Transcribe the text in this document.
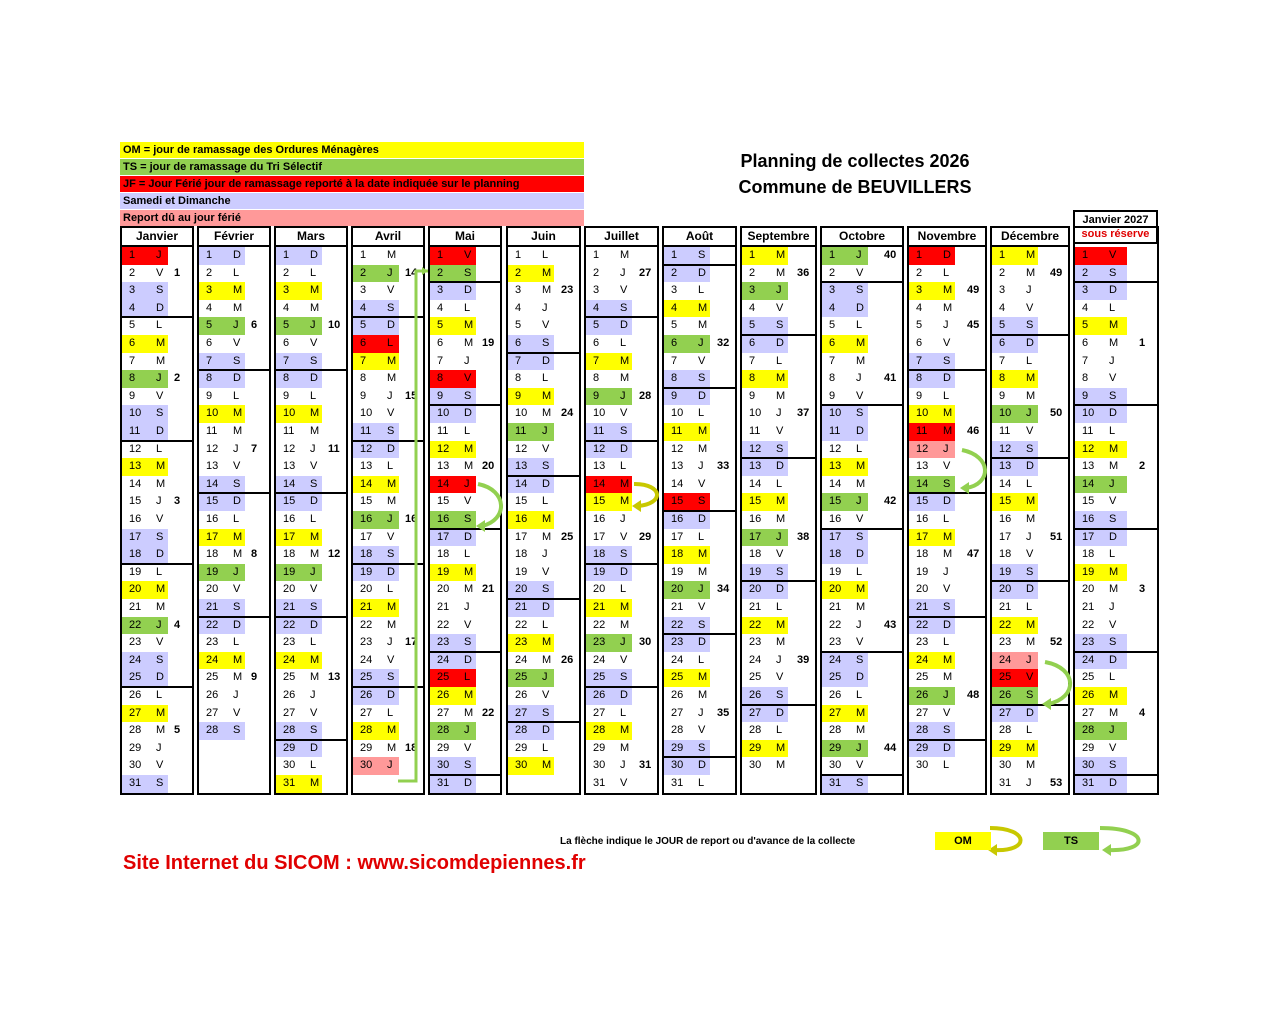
OM = jour de ramassage des Ordures Ménagères
TS = jour de ramassage du Tri Sélectif
JF = Jour Férié jour de ramassage reporté à la date indiquée sur le planning
Samedi et Dimanche
Report dû au jour férié
Planning de collectes 2026
Commune de BEUVILLERS
Janvier 2027
sous réserve
Janvier
1 J
2 V
3 S
4 D
5 L
6 M
7 M
8 J
9 V
10 S
11 D
12 L
13 M
14 M
15 J
16 V
17 S
18 D
19 L
20 M
21 M
22 J
23 V
24 S
25 D
26 L
27 M
28 M
29 J
30 V
31 S
1
2
3
4
5
Février
1 D
2 L
3 M
4 M
5 J
6 V
7 S
8 D
9 L
10 M
11 M
12 J
13 V
14 S
15 D
16 L
17 M
18 M
19 J
20 V
21 S
22 D
23 L
24 M
25 M
26 J
27 V
28 S
6
7
8
9
Mars
1 D
2 L
3 M
4 M
5 J
6 V
7 S
8 D
9 L
10 M
11 M
12 J
13 V
14 S
15 D
16 L
17 M
18 M
19 J
20 V
21 S
22 D
23 L
24 M
25 M
26 J
27 V
28 S
29 D
30 L
31 M
10
11
12
13
Avril
1 M
2 J
3 V
4 S
5 D
6 L
7 M
8 M
9 J
10 V
11 S
12 D
13 L
14 M
15 M
16 J
17 V
18 S
19 D
20 L
21 M
22 M
23 J
24 V
25 S
26 D
27 L
28 M
29 M
30 J
14
15
16
17
18
Mai
1 V
2 S
3 D
4 L
5 M
6 M
7 J
8 V
9 S
10 D
11 L
12 M
13 M
14 J
15 V
16 S
17 D
18 L
19 M
20 M
21 J
22 V
23 S
24 D
25 L
26 M
27 M
28 J
29 V
30 S
31 D
19
20
21
22
Juin
1 L
2 M
3 M
4 J
5 V
6 S
7 D
8 L
9 M
10 M
11 J
12 V
13 S
14 D
15 L
16 M
17 M
18 J
19 V
20 S
21 D
22 L
23 M
24 M
25 J
26 V
27 S
28 D
29 L
30 M
23
24
25
26
Juillet
1 M
2 J
3 V
4 S
5 D
6 L
7 M
8 M
9 J
10 V
11 S
12 D
13 L
14 M
15 M
16 J
17 V
18 S
19 D
20 L
21 M
22 M
23 J
24 V
25 S
26 D
27 L
28 M
29 M
30 J
31 V
27
28
29
30
31
Août
1 S
2 D
3 L
4 M
5 M
6 J
7 V
8 S
9 D
10 L
11 M
12 M
13 J
14 V
15 S
16 D
17 L
18 M
19 M
20 J
21 V
22 S
23 D
24 L
25 M
26 M
27 J
28 V
29 S
30 D
31 L
32
33
34
35
Septembre
1 M
2 M
3 J
4 V
5 S
6 D
7 L
8 M
9 M
10 J
11 V
12 S
13 D
14 L
15 M
16 M
17 J
18 V
19 S
20 D
21 L
22 M
23 M
24 J
25 V
26 S
27 D
28 L
29 M
30 M
36
37
38
39
Octobre
1 J
2 V
3 S
4 D
5 L
6 M
7 M
8 J
9 V
10 S
11 D
12 L
13 M
14 M
15 J
16 V
17 S
18 D
19 L
20 M
21 M
22 J
23 V
24 S
25 D
26 L
27 M
28 M
29 J
30 V
31 S
40
41
42
43
44
Novembre
1 D
2 L
3 M
4 M
5 J
6 V
7 S
8 D
9 L
10 M
11 M
12 J
13 V
14 S
15 D
16 L
17 M
18 M
19 J
20 V
21 S
22 D
23 L
24 M
25 M
26 J
27 V
28 S
29 D
30 L
45
46
47
48
49
Décembre
1 M
2 M
3 J
4 V
5 S
6 D
7 L
8 M
9 M
10 J
11 V
12 S
13 D
14 L
15 M
16 M
17 J
18 V
19 S
20 D
21 L
22 M
23 M
24 J
25 V
26 S
27 D
28 L
29 M
30 M
31 J
49
50
51
52
53
1 V
2 S
3 D
4 L
5 M
6 M
7 J
8 V
9 S
10 D
11 L
12 M
13 M
14 J
15 V
16 S
17 D
18 L
19 M
20 M
21 J
22 V
23 S
24 D
25 L
26 M
27 M
28 J
29 V
30 S
31 D
1
2
3
4
La flèche indique le JOUR de report ou d'avance de la collecte	OM	TS
Site Internet du SICOM : www.sicomdepiennes.fr
